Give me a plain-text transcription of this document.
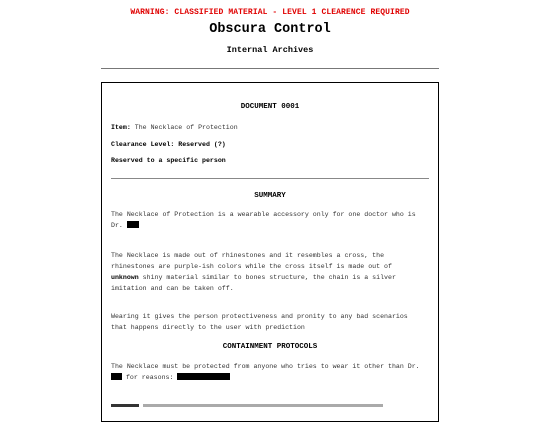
WARNING: CLASSIFIED MATERIAL - LEVEL 1 CLEARENCE REQUIRED
Obscura Control
Internal Archives
DOCUMENT 0001
Item: The Necklace of Protection
Clearance Level: Reserved (?)
Reserved to a specific person
SUMMARY
The Necklace of Protection is a wearable accessory only for one doctor who is
Dr.
The Necklace is made out of rhinestones and it resembles a cross, the
rhinestones are purple-ish colors while the cross itself is made out of
unknown shiny material similar to bones structure, the chain is a silver
imitation and can be taken off.
Wearing it gives the person protectiveness and pronity to any bad scenarios
that happens directly to the user with prediction
CONTAINMENT PROTOCOLS
The Necklace must be protected from anyone who tries to wear it other than Dr.
for reasons:
